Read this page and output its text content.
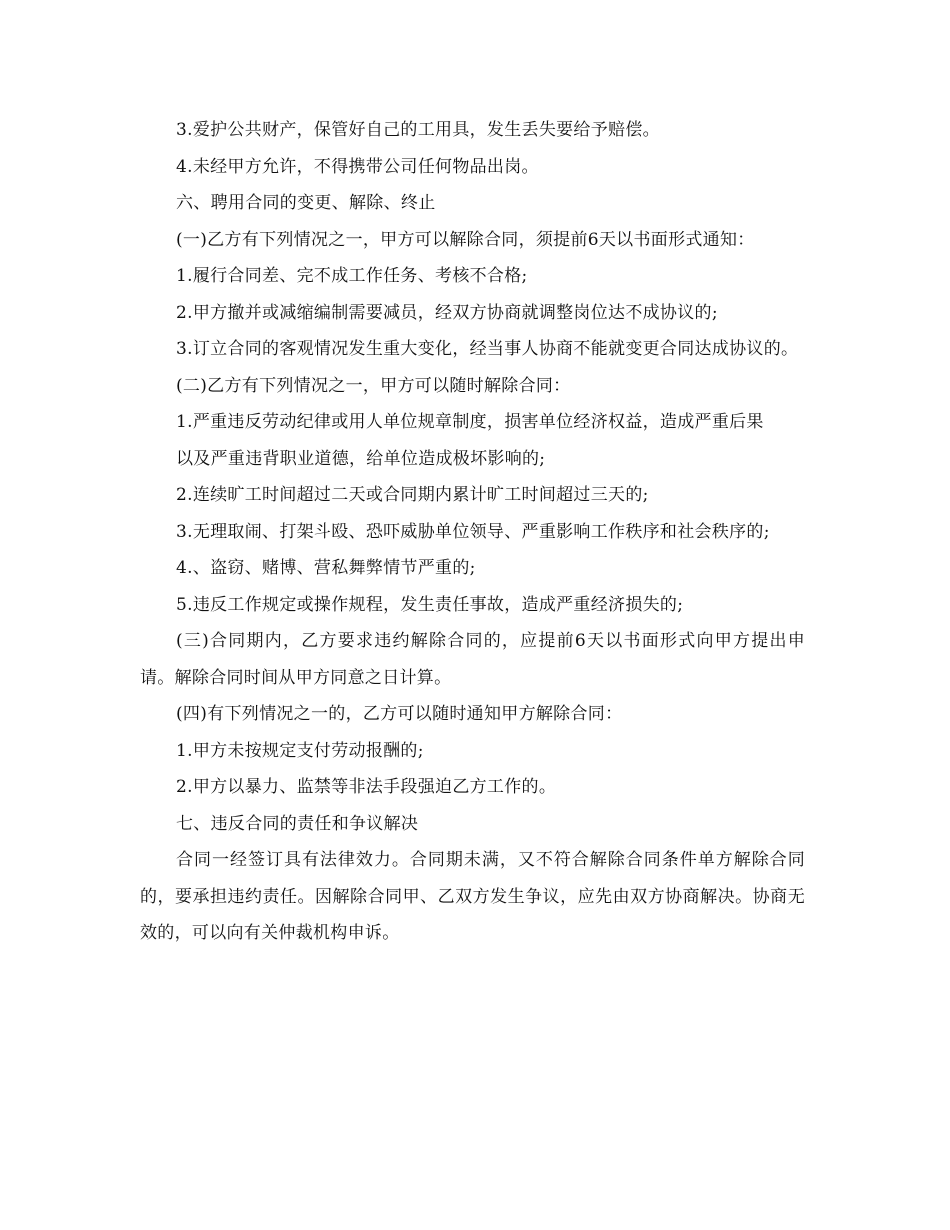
3.爱护公共财产，保管好自己的工用具，发生丢失要给予赔偿。

4.未经甲方允许，不得携带公司任何物品出岗。

六、聘用合同的变更、解除、终止

(一)乙方有下列情况之一，甲方可以解除合同，须提前6天以书面形式通知：

1.履行合同差、完不成工作任务、考核不合格;

2.甲方撤并或减缩编制需要减员，经双方协商就调整岗位达不成协议的;

3.订立合同的客观情况发生重大变化，经当事人协商不能就变更合同达成协议的。

(二)乙方有下列情况之一，甲方可以随时解除合同：

1.严重违反劳动纪律或用人单位规章制度，损害单位经济权益，造成严重后果

以及严重违背职业道德，给单位造成极坏影响的;

2.连续旷工时间超过二天或合同期内累计旷工时间超过三天的;

3.无理取闹、打架斗殴、恐吓威胁单位领导、严重影响工作秩序和社会秩序的;

4.、盗窃、赌博、营私舞弊情节严重的;

5.违反工作规定或操作规程，发生责任事故，造成严重经济损失的;

(三)合同期内，乙方要求违约解除合同的，应提前6天以书面形式向甲方提出申请。解除合同时间从甲方同意之日计算。

(四)有下列情况之一的，乙方可以随时通知甲方解除合同：

1.甲方未按规定支付劳动报酬的;

2.甲方以暴力、监禁等非法手段强迫乙方工作的。

七、违反合同的责任和争议解决

合同一经签订具有法律效力。合同期未满，又不符合解除合同条件单方解除合同的，要承担违约责任。因解除合同甲、乙双方发生争议，应先由双方协商解决。协商无效的，可以向有关仲裁机构申诉。
